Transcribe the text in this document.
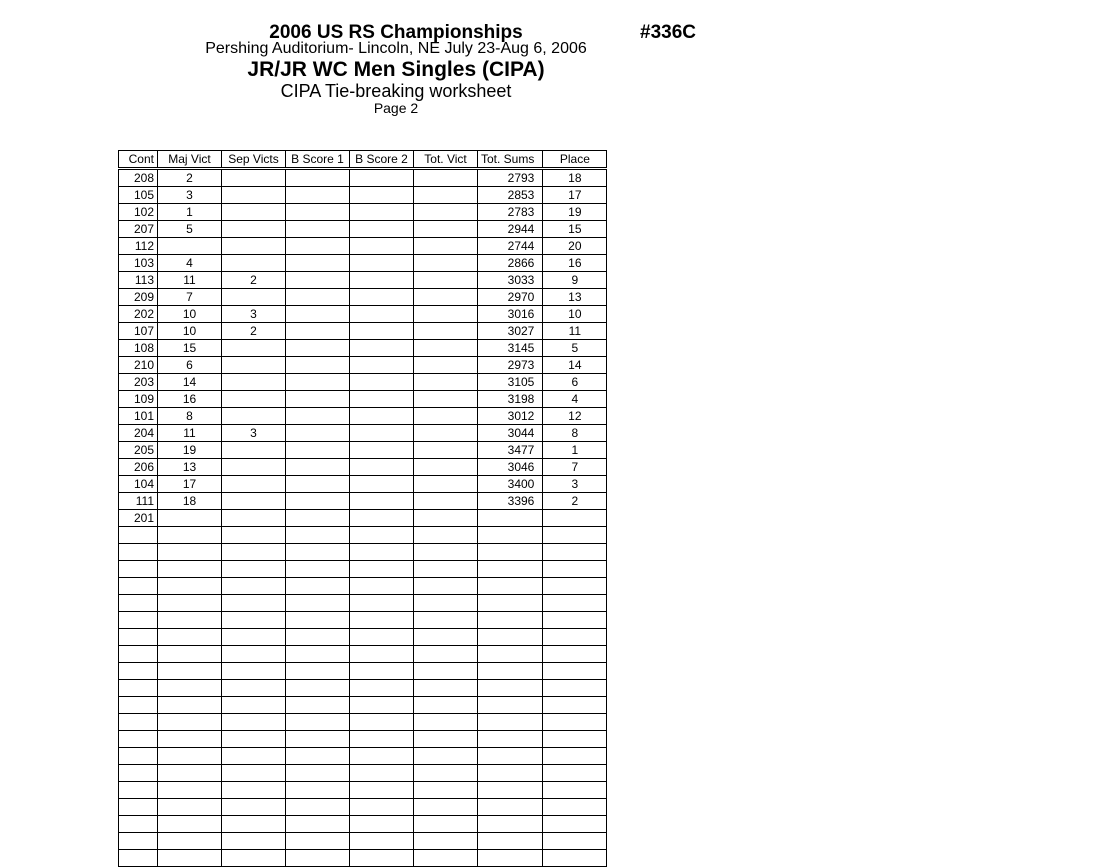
2006 US RS Championships	#336C
Pershing Auditorium- Lincoln, NE July 23-Aug 6, 2006
JR/JR WC Men Singles (CIPA)
CIPA Tie-breaking worksheet
Page 2
Cont	Maj Vict	Sep Victs	B Score 1	B Score 2	Tot. Vict	Tot. Sums	Place
208	2					2793	18
105	3					2853	17
102	1					2783	19
207	5					2944	15
112						2744	20
103	4					2866	16
113	11	2				3033	9
209	7					2970	13
202	10	3				3016	10
107	10	2				3027	11
108	15					3145	5
210	6					2973	14
203	14					3105	6
109	16					3198	4
101	8					3012	12
204	11	3				3044	8
205	19					3477	1
206	13					3046	7
104	17					3400	3
111	18					3396	2
201							
